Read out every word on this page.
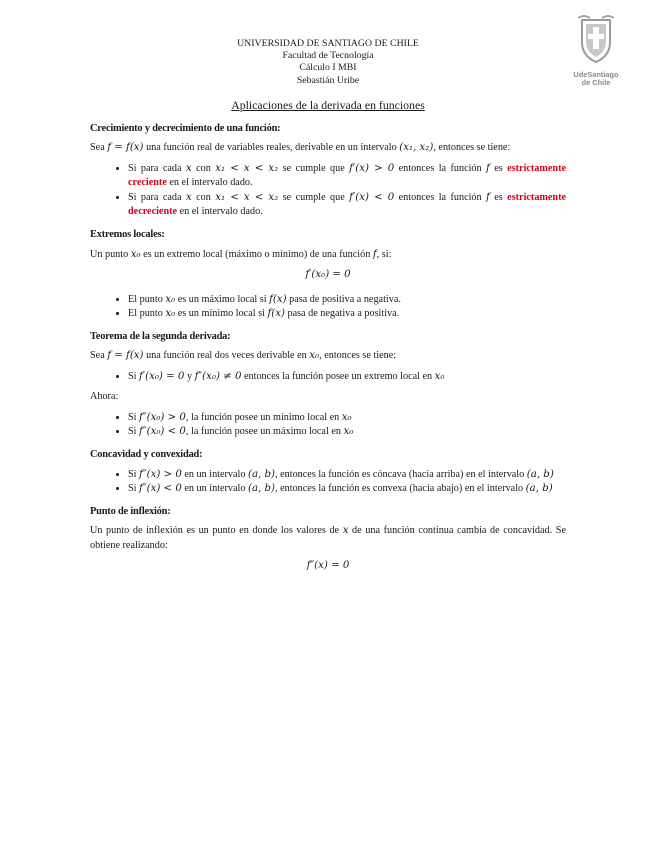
UdeSantiago
de Chile
UNIVERSIDAD DE SANTIAGO DE CHILE
Facultad de Tecnología
Cálculo I MBI
Sebastián Uribe
Aplicaciones de la derivada en funciones
Crecimiento y decrecimiento de una función:

Sea f = f(x) una función real de variables reales, derivable en un intervalo (x₁, x₂), entonces se tiene:

• Si para cada x con x₁ < x < x₂ se cumple que f′(x) > 0 entonces la función f es estrictamente creciente en el intervalo dado.
• Si para cada x con x₁ < x < x₂ se cumple que f′(x) < 0 entonces la función f es estrictamente decreciente en el intervalo dado.
Extremos locales:

Un punto x₀ es un extremo local (máximo o mínimo) de una función f, si:

f′(x₀) = 0
• El punto x₀ es un máximo local si f(x) pasa de positiva a negativa.
• El punto x₀ es un mínimo local si f(x) pasa de negativa a positiva.
Teorema de la segunda derivada:

Sea f = f(x) una función real dos veces derivable en x₀, entonces se tiene:

• Si f′(x₀) = 0 y f″(x₀) ≠ 0 entonces la función posee un extremo local en x₀

Ahora:

• Si f″(x₀) > 0, la función posee un mínimo local en x₀
• Si f″(x₀) < 0, la función posee un máximo local en x₀
Concavidad y convexidad:
• Si f″(x) > 0 en un intervalo (a, b), entonces la función es cóncava (hacia arriba) en el intervalo (a, b)
• Si f″(x) < 0 en un intervalo (a, b), entonces la función es convexa (hacia abajo) en el intervalo (a, b)
Punto de inflexión:

Un punto de inflexión es un punto en donde los valores de x de una función continua cambia de concavidad. Se obtiene realizando:

f″(x) = 0
